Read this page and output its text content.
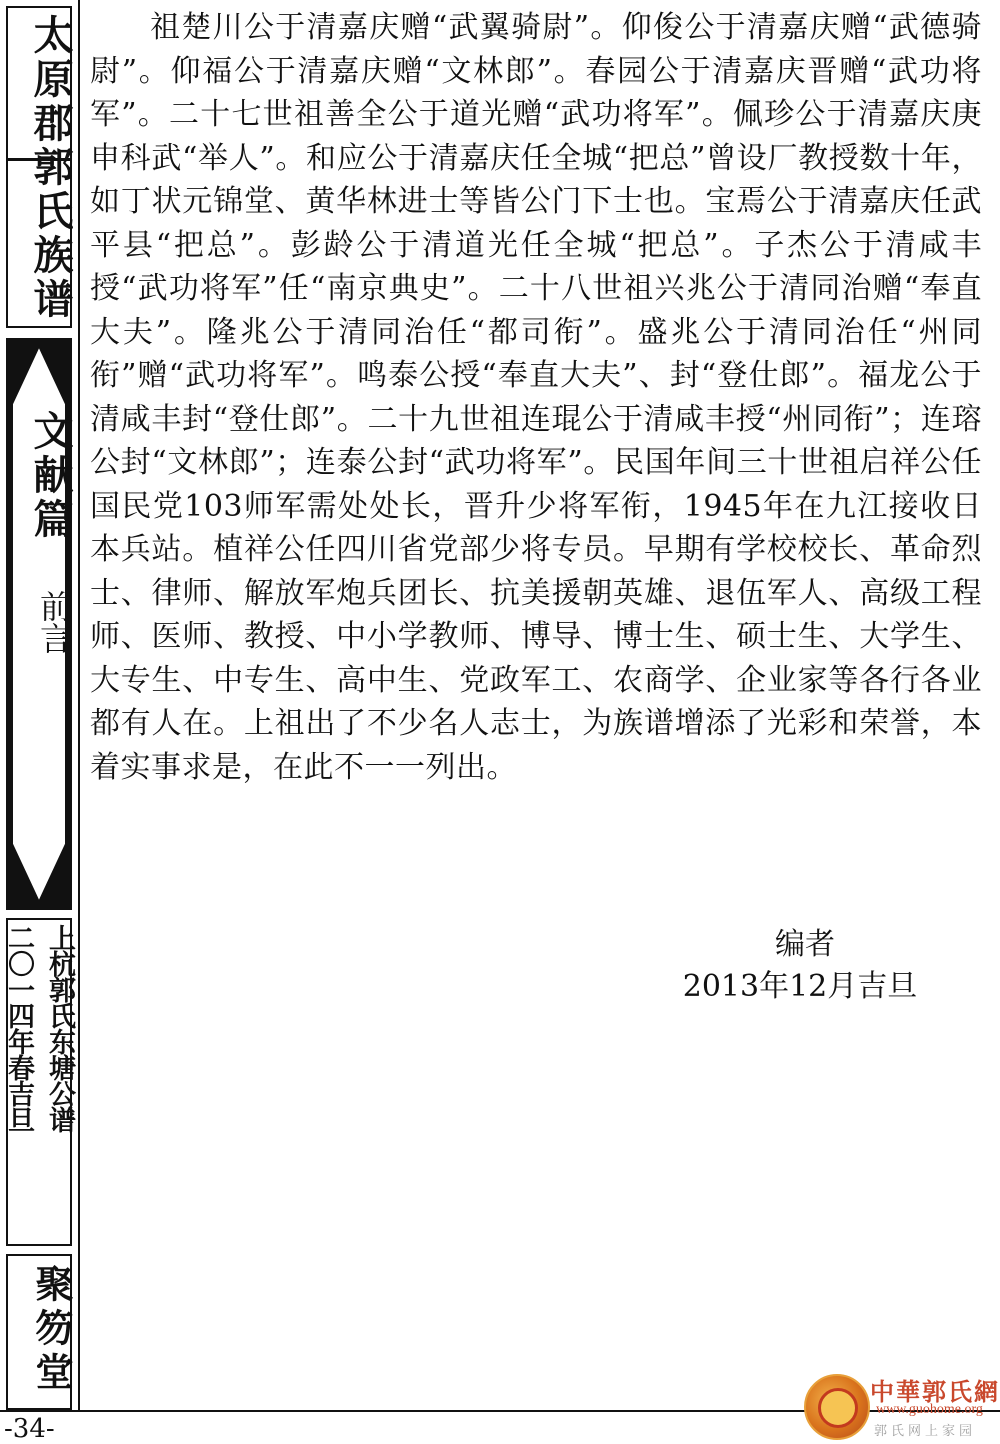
太原郡郭氏族谱
文献篇
前言
上杭郭氏东塘公谱
二〇一四年春吉旦
聚笏堂

祖楚川公于清嘉庆赠“武翼骑尉”。仰俊公于清嘉庆赠“武德骑尉”。仰福公于清嘉庆赠“文林郎”。春园公于清嘉庆晋赠“武功将军”。二十七世祖善全公于道光赠“武功将军”。佩珍公于清嘉庆庚申科武“举人”。和应公于清嘉庆任全城“把总”曾设厂教授数十年，如丁状元锦堂、黄华林进士等皆公门下士也。宝焉公于清嘉庆任武平县“把总”。彭龄公于清道光任全城“把总”。子杰公于清咸丰授“武功将军”任“南京典史”。二十八世祖兴兆公于清同治赠“奉直大夫”。隆兆公于清同治任“都司衔”。盛兆公于清同治任“州同衔”赠“武功将军”。鸣泰公授“奉直大夫”、封“登仕郎”。福龙公于清咸丰封“登仕郎”。二十九世祖连琨公于清咸丰授“州同衔”；连瑢公封“文林郎”；连泰公封“武功将军”。民国年间三十世祖启祥公任国民党103师军需处处长，晋升少将军衔，1945年在九江接收日本兵站。植祥公任四川省党部少将专员。早期有学校校长、革命烈士、律师、解放军炮兵团长、抗美援朝英雄、退伍军人、高级工程师、医师、教授、中小学教师、博导、博士生、硕士生、大学生、大专生、中专生、高中生、党政军工、农商学、企业家等各行各业都有人在。上祖出了不少名人志士，为族谱增添了光彩和荣誉，本着实事求是，在此不一一列出。

编者
2013年12月吉旦
-34-
中華郭氏網
www.guohome.org
郭氏网上家园
